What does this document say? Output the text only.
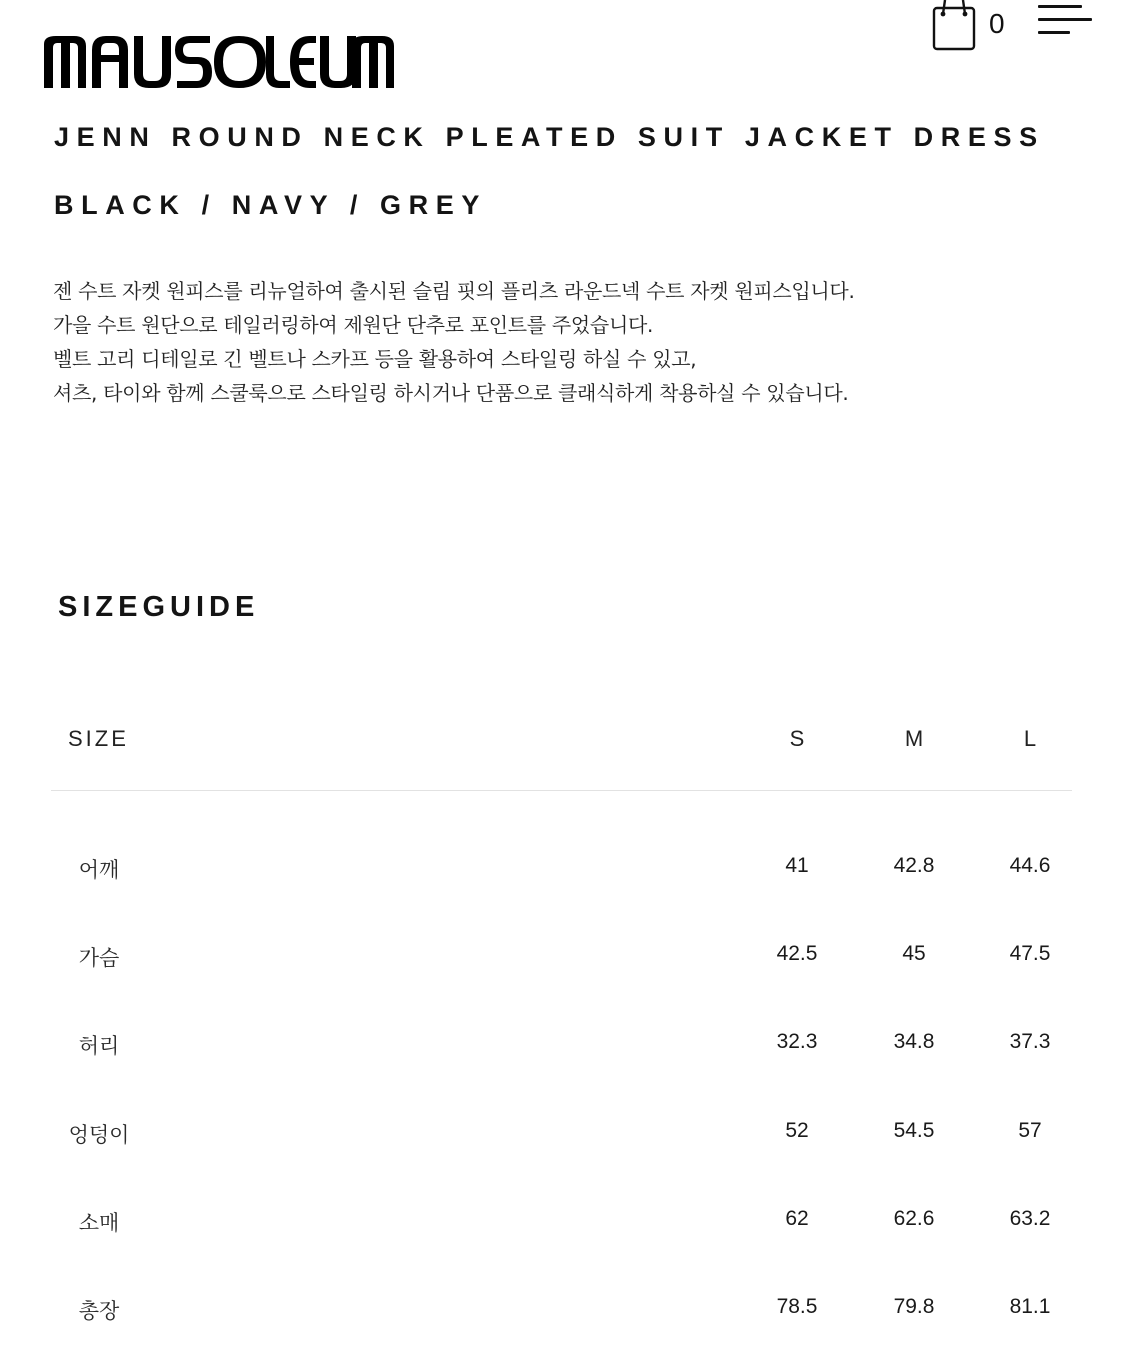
0
JENN ROUND NECK PLEATED SUIT JACKET DRESS
BLACK / NAVY / GREY

젠 수트 자켓 원피스를 리뉴얼하여 출시된 슬림 핏의 플리츠 라운드넥 수트 자켓 원피스입니다.

가을 수트 원단으로 테일러링하여 제원단 단추로 포인트를 주었습니다.

벨트 고리 디테일로 긴 벨트나 스카프 등을 활용하여 스타일링 하실 수 있고,

셔츠, 타이와 함께 스쿨룩으로 스타일링 하시거나 단품으로 클래식하게 착용하실 수 있습니다.

SIZEGUIDE
SIZE	S	M	L
어깨	41	42.8	44.6
가슴	42.5	45	47.5
허리	32.3	34.8	37.3
엉덩이	52	54.5	57
소매	62	62.6	63.2
총장	78.5	79.8	81.1
